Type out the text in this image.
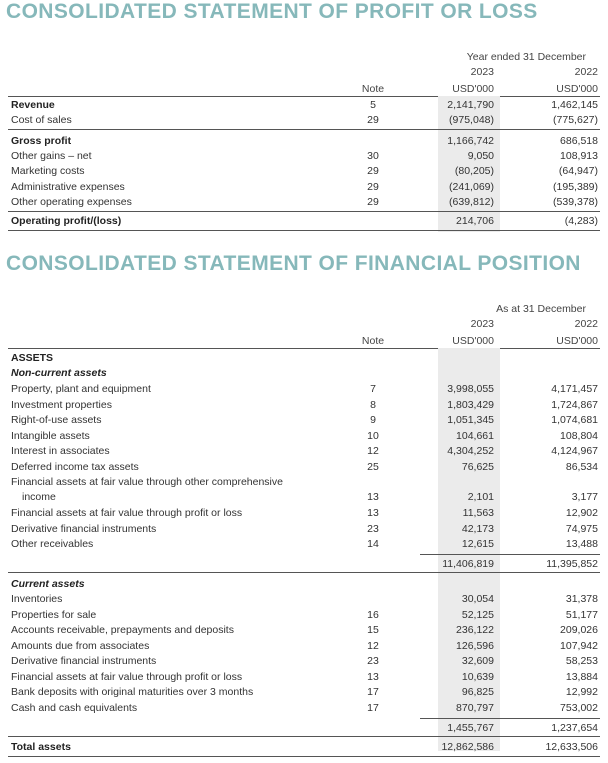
CONSOLIDATED STATEMENT OF PROFIT OR LOSS
Year ended 31 December
2023	2022
Note	USD'000	USD'000
Revenue	5	2,141,790	1,462,145
Cost of sales	29	(975,048)	(775,627)
Gross profit	1,166,742	686,518
Other gains – net	30	9,050	108,913
Marketing costs	29	(80,205)	(64,947)
Administrative expenses	29	(241,069)	(195,389)
Other operating expenses	29	(639,812)	(539,378)
Operating profit/(loss)	214,706	(4,283)
CONSOLIDATED STATEMENT OF FINANCIAL POSITION
As at 31 December
2023	2022
Note	USD'000	USD'000
ASSETS
Non-current assets
Property, plant and equipment	7	3,998,055	4,171,457
Investment properties	8	1,803,429	1,724,867
Right-of-use assets	9	1,051,345	1,074,681
Intangible assets	10	104,661	108,804
Interest in associates	12	4,304,252	4,124,967
Deferred income tax assets	25	76,625	86,534
Financial assets at fair value through other comprehensive
income	13	2,101	3,177
Financial assets at fair value through profit or loss	13	11,563	12,902
Derivative financial instruments	23	42,173	74,975
Other receivables	14	12,615	13,488
11,406,819	11,395,852
Current assets
Inventories	30,054	31,378
Properties for sale	16	52,125	51,177
Accounts receivable, prepayments and deposits	15	236,122	209,026
Amounts due from associates	12	126,596	107,942
Derivative financial instruments	23	32,609	58,253
Financial assets at fair value through profit or loss	13	10,639	13,884
Bank deposits with original maturities over 3 months	17	96,825	12,992
Cash and cash equivalents	17	870,797	753,002
1,455,767	1,237,654
Total assets	12,862,586	12,633,506
